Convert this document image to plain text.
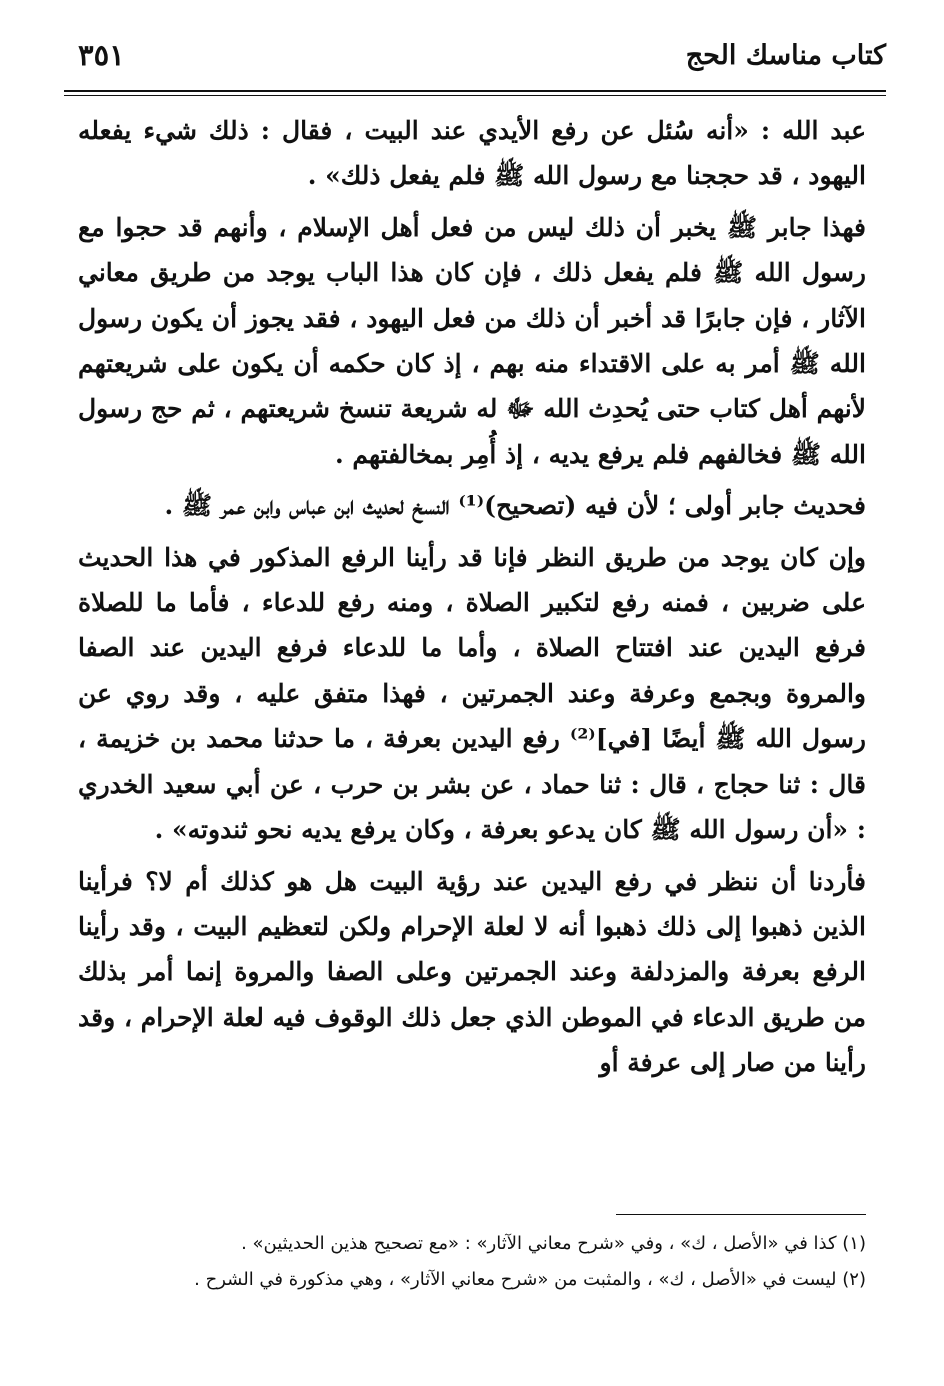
كتاب مناسك الحج
٣٥١

عبد الله : «أنه سُئل عن رفع الأيدي عند البيت ، فقال : ذلك شيء يفعله اليهود ، قد حججنا مع رسول الله ﷺ فلم يفعل ذلك» .

فهذا جابر ﷺ يخبر أن ذلك ليس من فعل أهل الإسلام ، وأنهم قد حجوا مع رسول الله ﷺ فلم يفعل ذلك ، فإن كان هذا الباب يوجد من طريق معاني الآثار ، فإن جابرًا قد أخبر أن ذلك من فعل اليهود ، فقد يجوز أن يكون رسول الله ﷺ أمر به على الاقتداء منه بهم ، إذ كان حكمه أن يكون على شريعتهم لأنهم أهل كتاب حتى يُحدِث الله ﷻ له شريعة تنسخ شريعتهم ، ثم حج رسول الله ﷺ فخالفهم فلم يرفع يديه ، إذ أُمِر بمخالفتهم .

فحديث جابر أولى ؛ لأن فيه (تصحيح)⁽¹⁾ النسخ لحديث ابن عباس وابن عمر ﷺ .

وإن كان يوجد من طريق النظر فإنا قد رأينا الرفع المذكور في هذا الحديث على ضربين ، فمنه رفع لتكبير الصلاة ، ومنه رفع للدعاء ، فأما ما للصلاة فرفع اليدين عند افتتاح الصلاة ، وأما ما للدعاء فرفع اليدين عند الصفا والمروة وبجمع وعرفة وعند الجمرتين ، فهذا متفق عليه ، وقد روي عن رسول الله ﷺ أيضًا [في]⁽²⁾ رفع اليدين بعرفة ، ما حدثنا محمد بن خزيمة ، قال : ثنا حجاج ، قال : ثنا حماد ، عن بشر بن حرب ، عن أبي سعيد الخدري : «أن رسول الله ﷺ كان يدعو بعرفة ، وكان يرفع يديه نحو ثندوته» .

فأردنا أن ننظر في رفع اليدين عند رؤية البيت هل هو كذلك أم لا؟ فرأينا الذين ذهبوا إلى ذلك ذهبوا أنه لا لعلة الإحرام ولكن لتعظيم البيت ، وقد رأينا الرفع بعرفة والمزدلفة وعند الجمرتين وعلى الصفا والمروة إنما أمر بذلك من طريق الدعاء في الموطن الذي جعل ذلك الوقوف فيه لعلة الإحرام ، وقد رأينا من صار إلى عرفة أو

(١) كذا في «الأصل ، ك» ، وفي «شرح معاني الآثار» : «مع تصحيح هذين الحديثين» .

(٢) ليست في «الأصل ، ك» ، والمثبت من «شرح معاني الآثار» ، وهي مذكورة في الشرح .
